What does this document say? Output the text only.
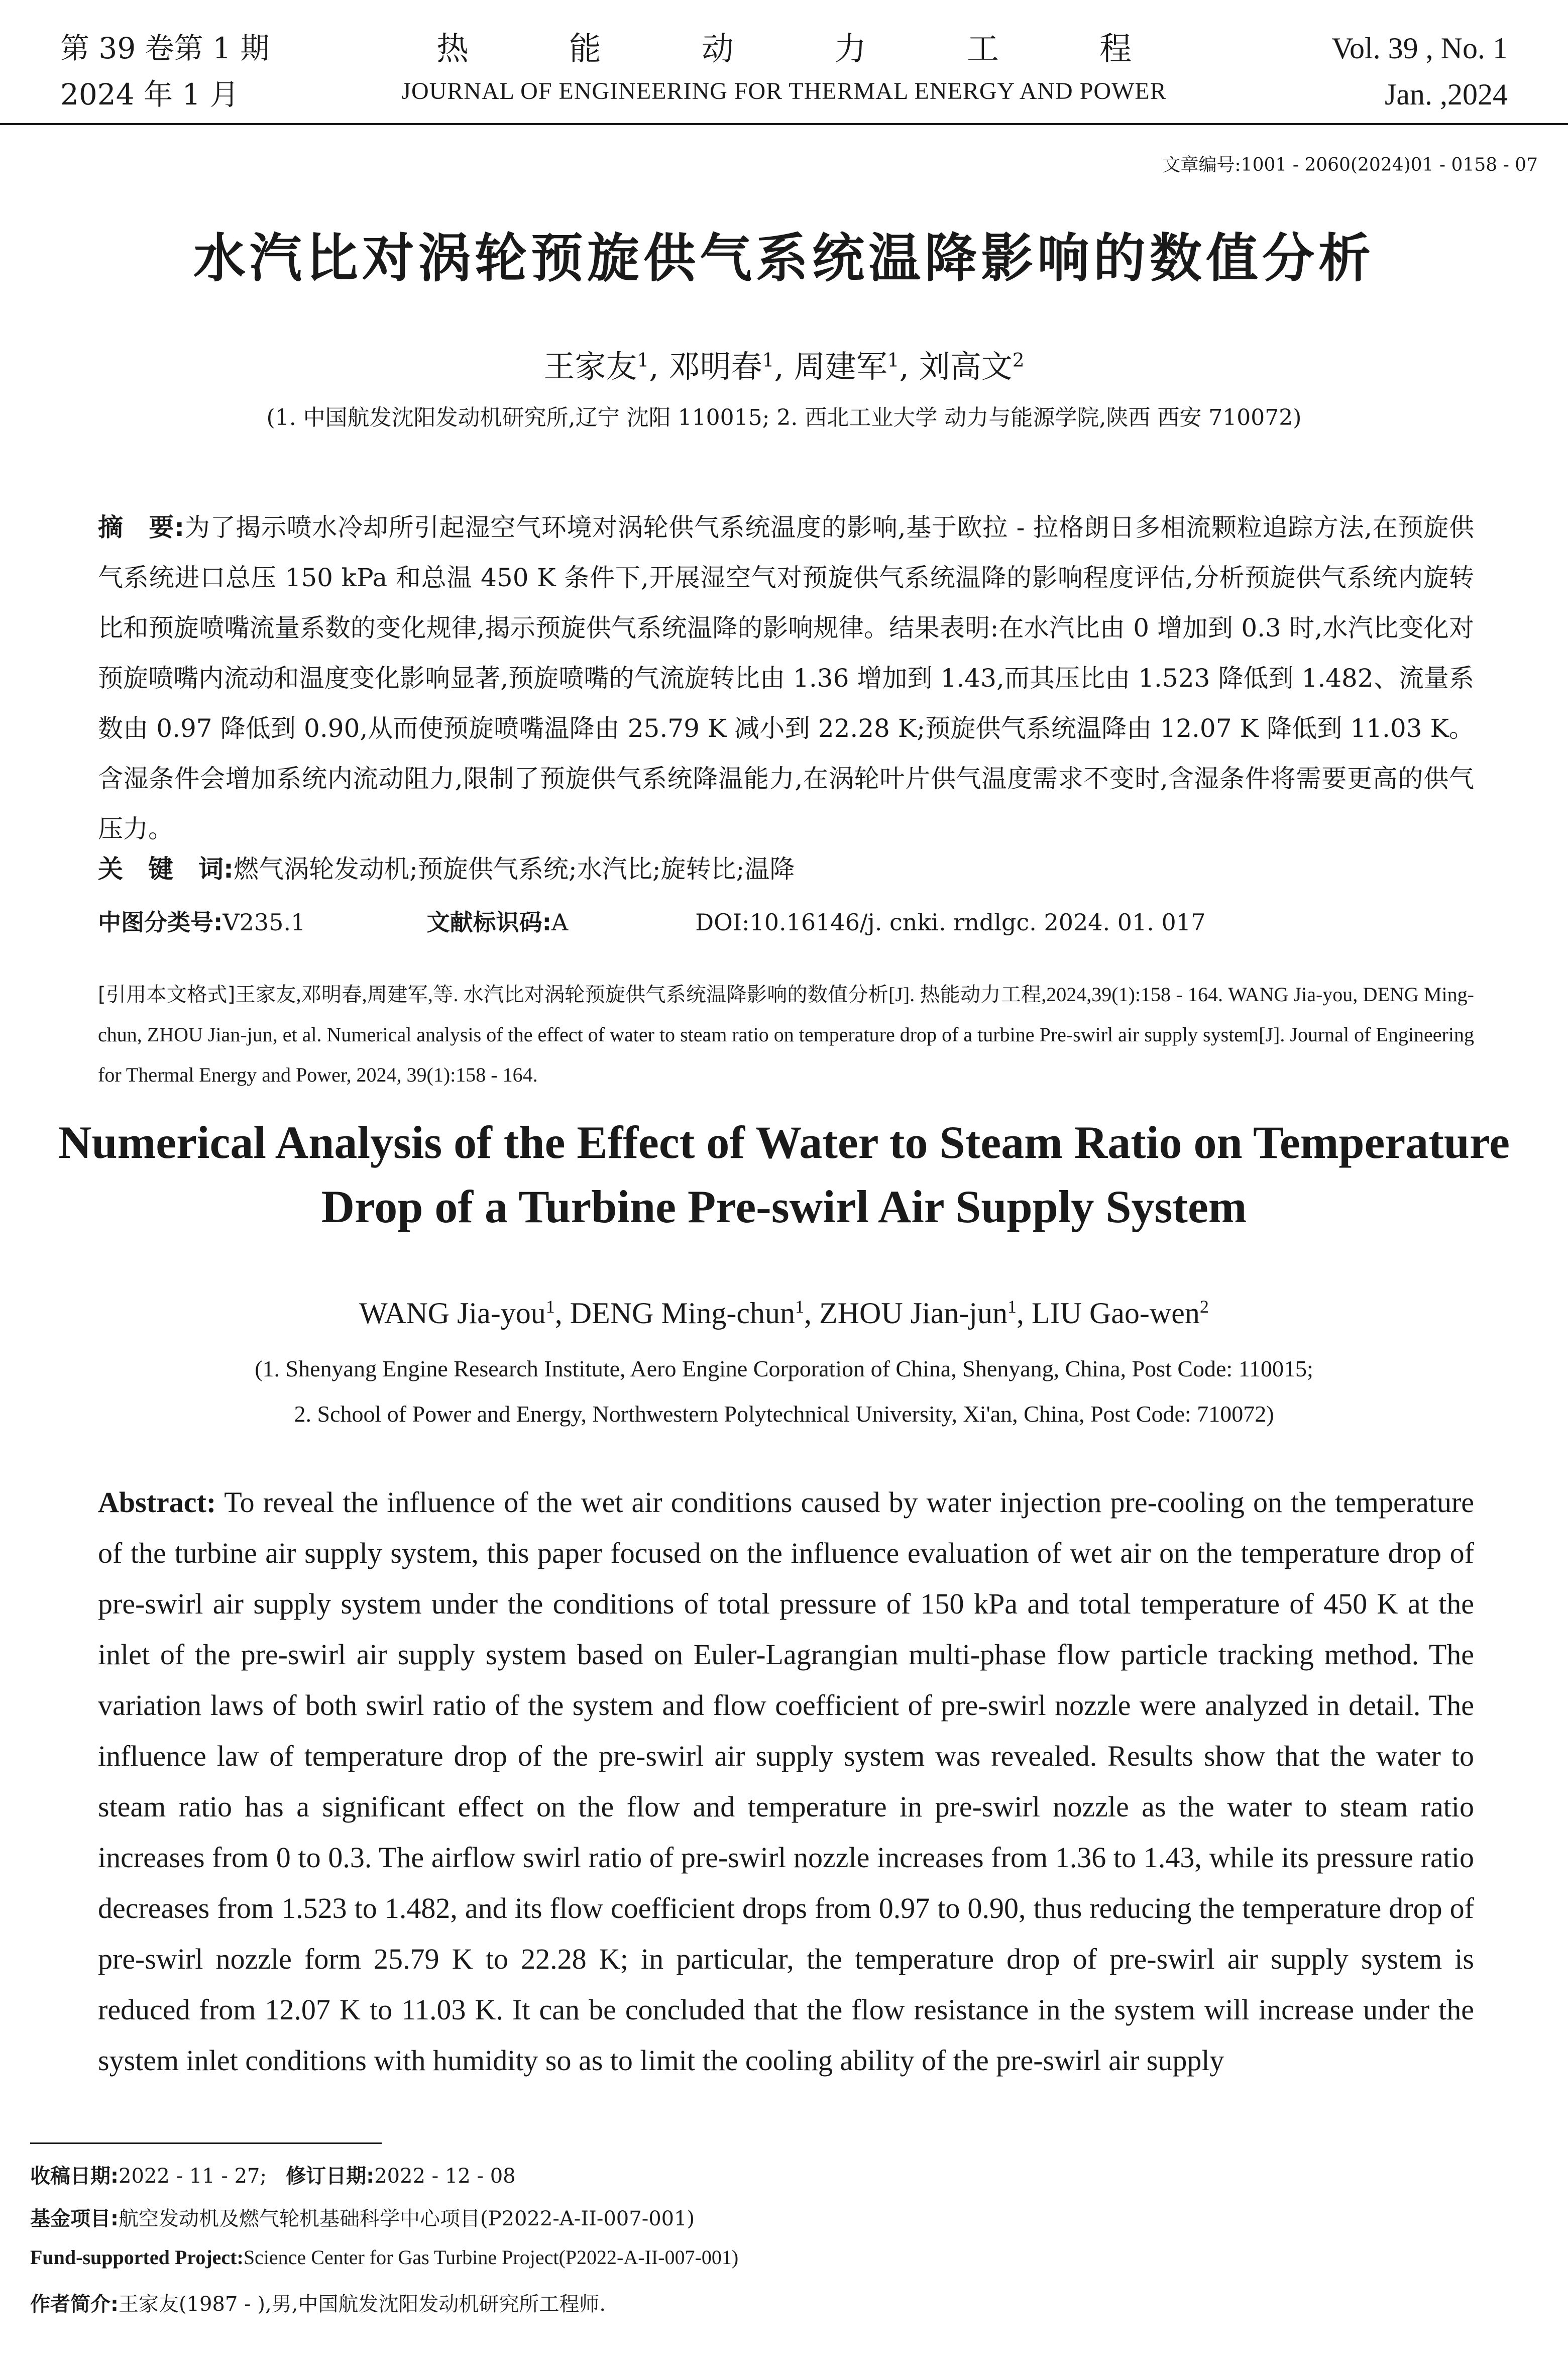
第 39 卷第 1 期
2024 年 1 月
热能动力工程
JOURNAL OF ENGINEERING FOR THERMAL ENERGY AND POWER
Vol. 39 , No. 1
Jan. ,2024
文章编号:1001 - 2060(2024)01 - 0158 - 07
水汽比对涡轮预旋供气系统温降影响的数值分析
王家友$^1$, 邓明春$^1$, 周建军$^1$, 刘高文$^2$
(1. 中国航发沈阳发动机研究所,辽宁 沈阳 110015; 2. 西北工业大学 动力与能源学院,陕西 西安 710072)
摘　要:为了揭示喷水冷却所引起湿空气环境对涡轮供气系统温度的影响,基于欧拉 - 拉格朗日多相流颗粒追踪方法,在预旋供气系统进口总压 150 kPa 和总温 450 K 条件下,开展湿空气对预旋供气系统温降的影响程度评估,分析预旋供气系统内旋转比和预旋喷嘴流量系数的变化规律,揭示预旋供气系统温降的影响规律。结果表明:在水汽比由 0 增加到 0.3 时,水汽比变化对预旋喷嘴内流动和温度变化影响显著,预旋喷嘴的气流旋转比由 1.36 增加到 1.43,而其压比由 1.523 降低到 1.482、流量系数由 0.97 降低到 0.90,从而使预旋喷嘴温降由 25.79 K 减小到 22.28 K;预旋供气系统温降由 12.07 K 降低到 11.03 K。含湿条件会增加系统内流动阻力,限制了预旋供气系统降温能力,在涡轮叶片供气温度需求不变时,含湿条件将需要更高的供气压力。
关　键　词:燃气涡轮发动机;预旋供气系统;水汽比;旋转比;温降
中图分类号:V235.1	文献标识码:A	DOI:10.16146/j. cnki. rndlgc. 2024. 01. 017
[引用本文格式]王家友,邓明春,周建军,等. 水汽比对涡轮预旋供气系统温降影响的数值分析[J]. 热能动力工程,2024,39(1):158 - 164. WANG Jia-you, DENG Ming-chun, ZHOU Jian-jun, et al. Numerical analysis of the effect of water to steam ratio on temperature drop of a turbine Pre-swirl air supply system[J]. Journal of Engineering for Thermal Energy and Power, 2024, 39(1):158 - 164.
Numerical Analysis of the Effect of Water to Steam Ratio on Temperature
Drop of a Turbine Pre-swirl Air Supply System
WANG Jia-you$^1$, DENG Ming-chun$^1$, ZHOU Jian-jun$^1$, LIU Gao-wen$^2$
(1. Shenyang Engine Research Institute, Aero Engine Corporation of China, Shenyang, China, Post Code: 110015;
2. School of Power and Energy, Northwestern Polytechnical University, Xi'an, China, Post Code: 710072)
Abstract: To reveal the influence of the wet air conditions caused by water injection pre-cooling on the temperature of the turbine air supply system, this paper focused on the influence evaluation of wet air on the temperature drop of pre-swirl air supply system under the conditions of total pressure of 150 kPa and total temperature of 450 K at the inlet of the pre-swirl air supply system based on Euler-Lagrangian multi-phase flow particle tracking method. The variation laws of both swirl ratio of the system and flow coefficient of pre-swirl nozzle were analyzed in detail. The influence law of temperature drop of the pre-swirl air supply system was revealed. Results show that the water to steam ratio has a significant effect on the flow and temperature in pre-swirl nozzle as the water to steam ratio increases from 0 to 0.3. The airflow swirl ratio of pre-swirl nozzle increases from 1.36 to 1.43, while its pressure ratio decreases from 1.523 to 1.482, and its flow coefficient drops from 0.97 to 0.90, thus reducing the temperature drop of pre-swirl nozzle form 25.79 K to 22.28 K; in particular, the temperature drop of pre-swirl air supply system is reduced from 12.07 K to 11.03 K. It can be concluded that the flow resistance in the system will increase under the system inlet conditions with humidity so as to limit the cooling ability of the pre-swirl air supply
收稿日期:2022 - 11 - 27; 修订日期:2022 - 12 - 08
基金项目:航空发动机及燃气轮机基础科学中心项目(P2022-A-II-007-001)
Fund-supported Project:Science Center for Gas Turbine Project(P2022-A-II-007-001)
作者简介:王家友(1987 - ),男,中国航发沈阳发动机研究所工程师.
